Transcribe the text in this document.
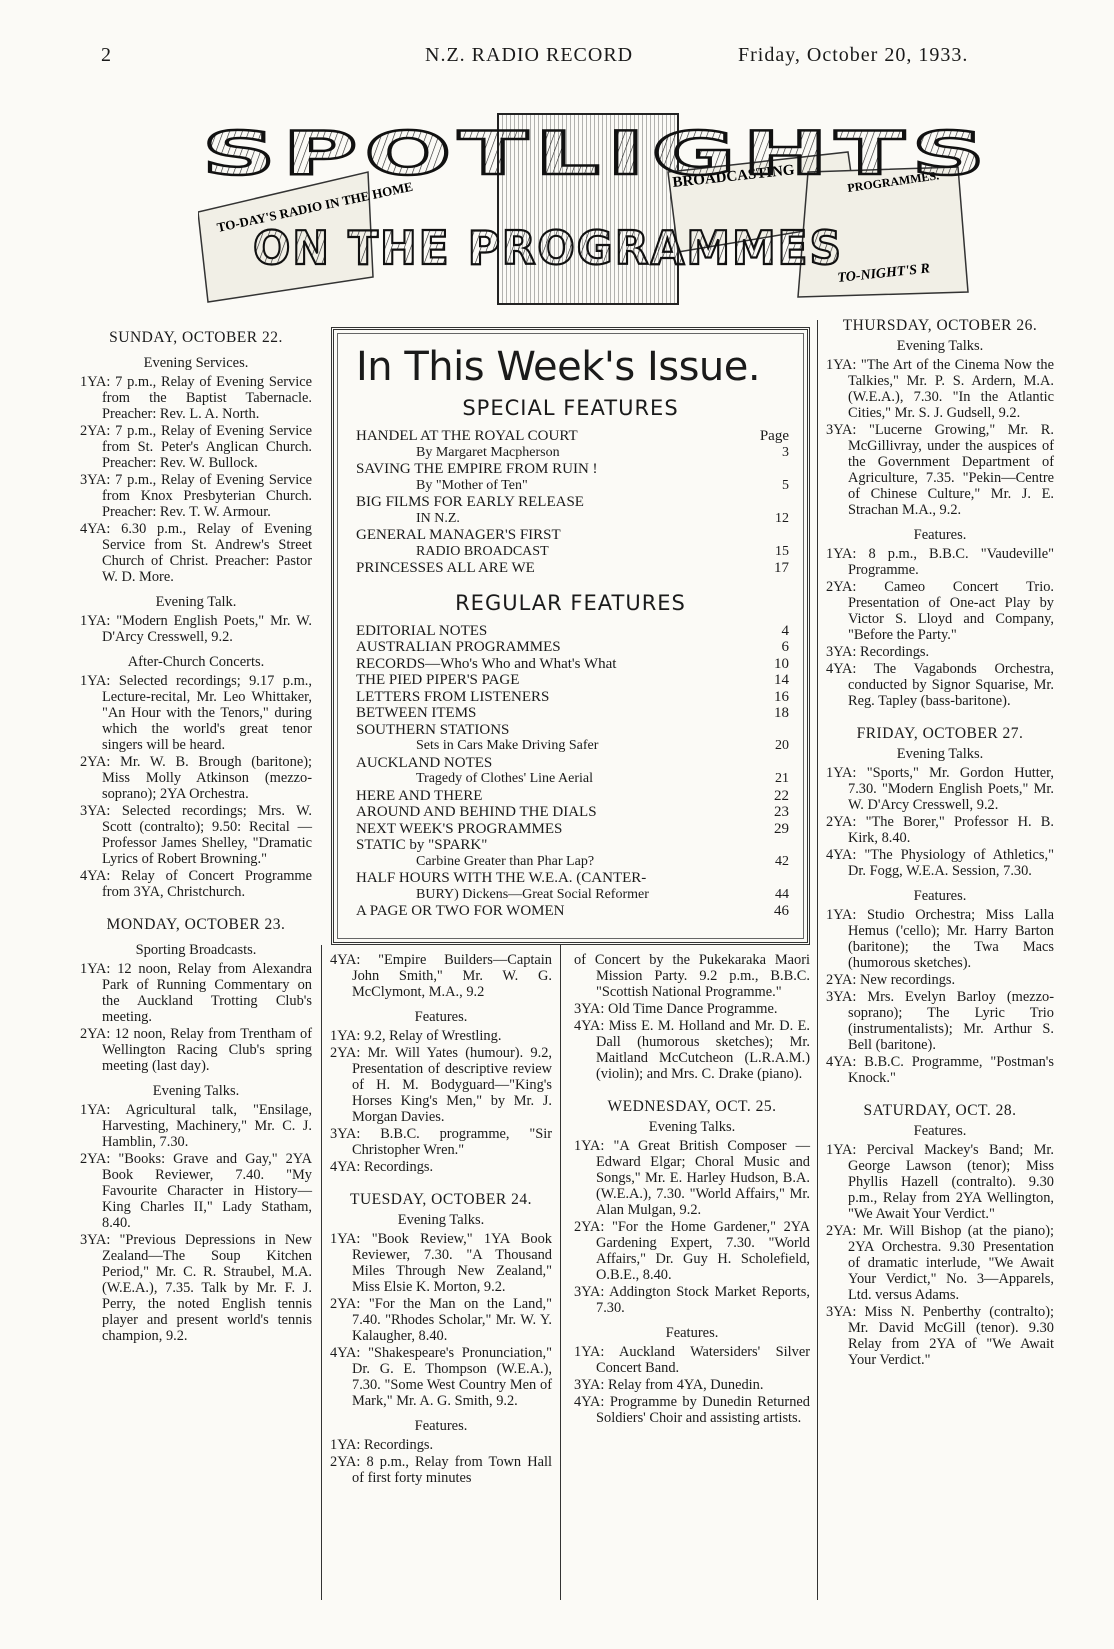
2	N.Z. RADIO RECORD	Friday, October 20, 1933.
TO-DAY'S RADIO IN THE HOME
BROADCASTING	PROGRAMMES.
TO-NIGHT'S R
SPOTLIGHTS
ON THE PROGRAMMES
SUNDAY, OCTOBER 22.
Evening Services.
1YA: 7 p.m., Relay of Evening Service from the Baptist Tabernacle. Preacher: Rev. L. A. North.
2YA: 7 p.m., Relay of Evening Service from St. Peter's Anglican Church. Preacher: Rev. W. Bullock.
3YA: 7 p.m., Relay of Evening Service from Knox Presbyterian Church. Preacher: Rev. T. W. Armour.
4YA: 6.30 p.m., Relay of Evening Service from St. Andrew's Street Church of Christ. Preacher: Pastor W. D. More.
Evening Talk.
1YA: "Modern English Poets," Mr. W. D'Arcy Cresswell, 9.2.
After-Church Concerts.
1YA: Selected recordings; 9.17 p.m., Lecture-recital, Mr. Leo Whittaker, "An Hour with the Tenors," during which the world's great tenor singers will be heard.
2YA: Mr. W. B. Brough (baritone); Miss Molly Atkinson (mezzo-soprano); 2YA Orchestra.
3YA: Selected recordings; Mrs. W. Scott (contralto); 9.50: Recital — Professor James Shelley, "Dramatic Lyrics of Robert Browning."
4YA: Relay of Concert Programme from 3YA, Christchurch.
MONDAY, OCTOBER 23.
Sporting Broadcasts.
1YA: 12 noon, Relay from Alexandra Park of Running Commentary on the Auckland Trotting Club's meeting.
2YA: 12 noon, Relay from Trentham of Wellington Racing Club's spring meeting (last day).
Evening Talks.
1YA: Agricultural talk, "Ensilage, Harvesting, Machinery," Mr. C. J. Hamblin, 7.30.
2YA: "Books: Grave and Gay," 2YA Book Reviewer, 7.40. "My Favourite Character in History—King Charles II," Lady Statham, 8.40.
3YA: "Previous Depressions in New Zealand—The Soup Kitchen Period," Mr. C. R. Straubel, M.A. (W.E.A.), 7.35. Talk by Mr. F. J. Perry, the noted English tennis player and present world's tennis champion, 9.2.
In This Week's Issue.
SPECIAL FEATURES
HANDEL AT THE ROYAL COURT	Page
By Margaret Macpherson	3
SAVING THE EMPIRE FROM RUIN !
By "Mother of Ten"	5
BIG FILMS FOR EARLY RELEASE
IN N.Z.	12
GENERAL MANAGER'S FIRST
RADIO BROADCAST	15
PRINCESSES ALL ARE WE	17
REGULAR FEATURES
EDITORIAL NOTES	4
AUSTRALIAN PROGRAMMES	6
RECORDS—Who's Who and What's What	10
THE PIED PIPER'S PAGE	14
LETTERS FROM LISTENERS	16
BETWEEN ITEMS	18
SOUTHERN STATIONS
Sets in Cars Make Driving Safer	20
AUCKLAND NOTES
Tragedy of Clothes' Line Aerial	21
HERE AND THERE	22
AROUND AND BEHIND THE DIALS	23
NEXT WEEK'S PROGRAMMES	29
STATIC by "SPARK"
Carbine Greater than Phar Lap?	42
HALF HOURS WITH THE W.E.A. (CANTER-
BURY) Dickens—Great Social Reformer	44
A PAGE OR TWO FOR WOMEN	46
4YA: "Empire Builders—Captain John Smith," Mr. W. G. McClymont, M.A., 9.2
Features.
1YA: 9.2, Relay of Wrestling.
2YA: Mr. Will Yates (humour). 9.2, Presentation of descriptive review of H. M. Bodyguard—"King's Horses King's Men," by Mr. J. Morgan Davies.
3YA: B.B.C. programme, "Sir Christopher Wren."
4YA: Recordings.
TUESDAY, OCTOBER 24.
Evening Talks.
1YA: "Book Review," 1YA Book Reviewer, 7.30. "A Thousand Miles Through New Zealand," Miss Elsie K. Morton, 9.2.
2YA: "For the Man on the Land," 7.40. "Rhodes Scholar," Mr. W. Y. Kalaugher, 8.40.
4YA: "Shakespeare's Pronunciation," Dr. G. E. Thompson (W.E.A.), 7.30. "Some West Country Men of Mark," Mr. A. G. Smith, 9.2.
Features.
1YA: Recordings.
2YA: 8 p.m., Relay from Town Hall of first forty minutes
of Concert by the Pukekaraka Maori Mission Party. 9.2 p.m., B.B.C. "Scottish National Programme."
3YA: Old Time Dance Programme.
4YA: Miss E. M. Holland and Mr. D. E. Dall (humorous sketches); Mr. Maitland McCutcheon (L.R.A.M.) (violin); and Mrs. C. Drake (piano).
WEDNESDAY, OCT. 25.
Evening Talks.
1YA: "A Great British Composer — Edward Elgar; Choral Music and Songs," Mr. E. Harley Hudson, B.A. (W.E.A.), 7.30. "World Affairs," Mr. Alan Mulgan, 9.2.
2YA: "For the Home Gardener," 2YA Gardening Expert, 7.30. "World Affairs," Dr. Guy H. Scholefield, O.B.E., 8.40.
3YA: Addington Stock Market Reports, 7.30.
Features.
1YA: Auckland Watersiders' Silver Concert Band.
3YA: Relay from 4YA, Dunedin.
4YA: Programme by Dunedin Returned Soldiers' Choir and assisting artists.
THURSDAY, OCTOBER 26.
Evening Talks.
1YA: "The Art of the Cinema Now the Talkies," Mr. P. S. Ardern, M.A. (W.E.A.), 7.30. "In the Atlantic Cities," Mr. S. J. Gudsell, 9.2.
3YA: "Lucerne Growing," Mr. R. McGillivray, under the auspices of the Government Department of Agriculture, 7.35. "Pekin—Centre of Chinese Culture," Mr. J. E. Strachan M.A., 9.2.
Features.
1YA: 8 p.m., B.B.C. "Vaudeville" Programme.
2YA: Cameo Concert Trio. Presentation of One-act Play by Victor S. Lloyd and Company, "Before the Party."
3YA: Recordings.
4YA: The Vagabonds Orchestra, conducted by Signor Squarise, Mr. Reg. Tapley (bass-baritone).
FRIDAY, OCTOBER 27.
Evening Talks.
1YA: "Sports," Mr. Gordon Hutter, 7.30. "Modern English Poets," Mr. W. D'Arcy Cresswell, 9.2.
2YA: "The Borer," Professor H. B. Kirk, 8.40.
4YA: "The Physiology of Athletics," Dr. Fogg, W.E.A. Session, 7.30.
Features.
1YA: Studio Orchestra; Miss Lalla Hemus ('cello); Mr. Harry Barton (baritone); the Twa Macs (humorous sketches).
2YA: New recordings.
3YA: Mrs. Evelyn Barloy (mezzo-soprano); The Lyric Trio (instrumentalists); Mr. Arthur S. Bell (baritone).
4YA: B.B.C. Programme, "Postman's Knock."
SATURDAY, OCT. 28.
Features.
1YA: Percival Mackey's Band; Mr. George Lawson (tenor); Miss Phyllis Hazell (contralto). 9.30 p.m., Relay from 2YA Wellington, "We Await Your Verdict."
2YA: Mr. Will Bishop (at the piano); 2YA Orchestra. 9.30 Presentation of dramatic interlude, "We Await Your Verdict," No. 3—Apparels, Ltd. versus Adams.
3YA: Miss N. Penberthy (contralto); Mr. David McGill (tenor). 9.30 Relay from 2YA of "We Await Your Verdict."
